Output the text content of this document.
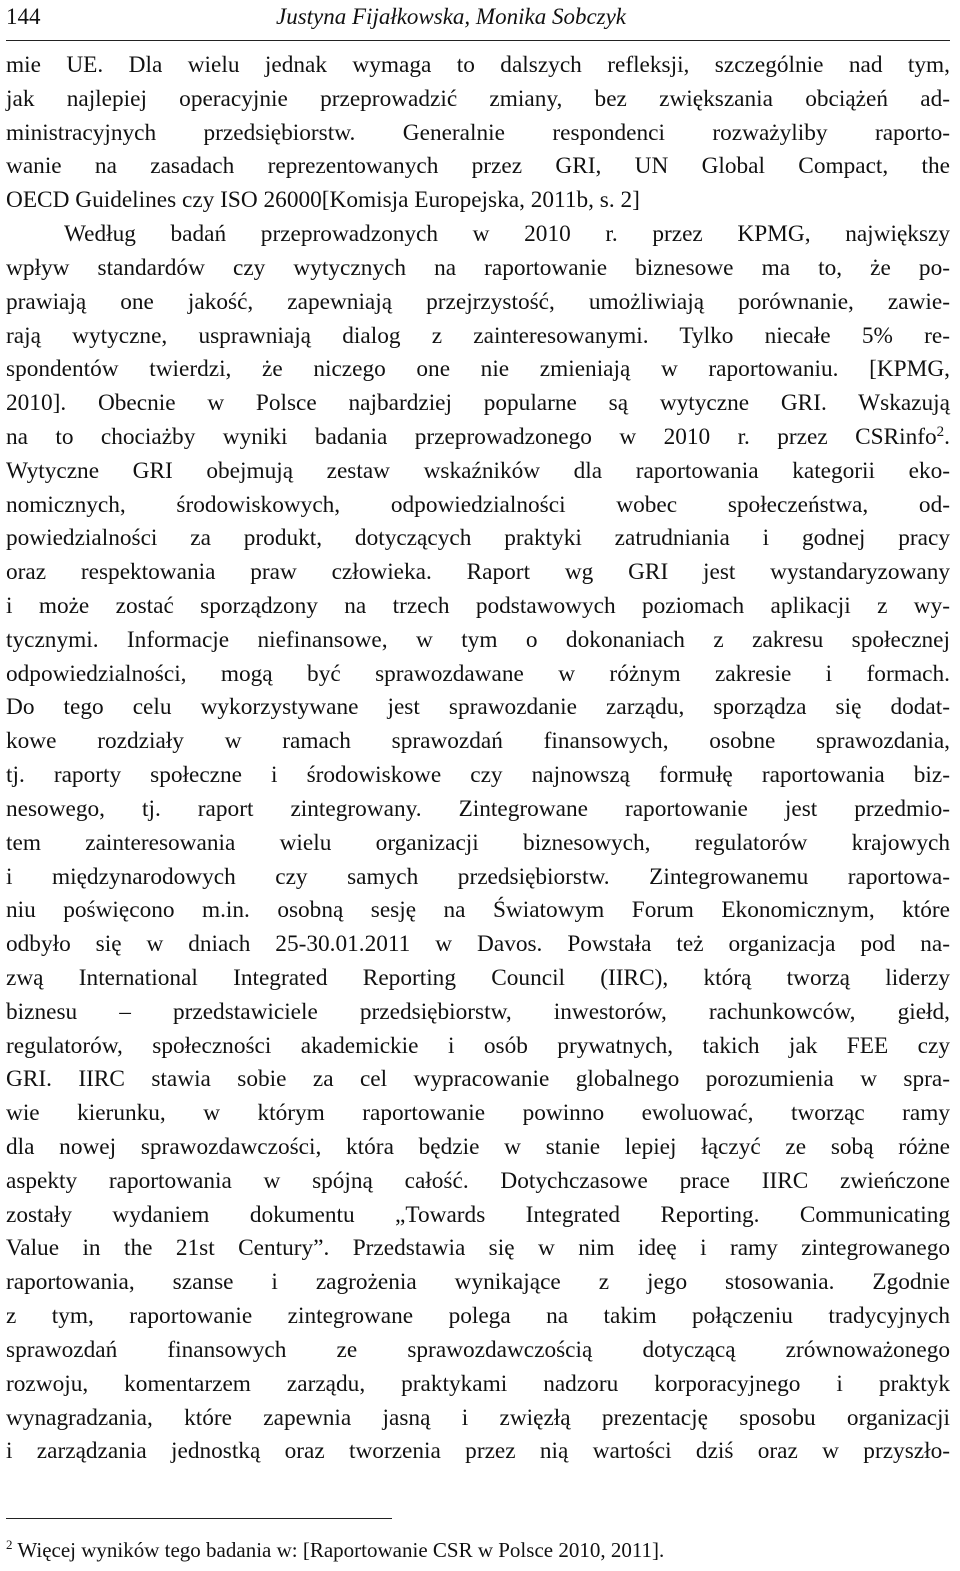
144	Justyna Fijałkowska, Monika Sobczyk
mie UE. Dla wielu jednak wymaga to dalszych refleksji, szczególnie nad tym,
jak najlepiej operacyjnie przeprowadzić zmiany, bez zwiększania obciążeń ad-
ministracyjnych przedsiębiorstw. Generalnie respondenci rozważyliby raporto-
wanie na zasadach reprezentowanych przez GRI, UN Global Compact, the
OECD Guidelines czy ISO 26000[Komisja Europejska, 2011b, s. 2]
Według badań przeprowadzonych w 2010 r. przez KPMG, największy
wpływ standardów czy wytycznych na raportowanie biznesowe ma to, że po-
prawiają one jakość, zapewniają przejrzystość, umożliwiają porównanie, zawie-
rają wytyczne, usprawniają dialog z zainteresowanymi. Tylko niecałe 5% re-
spondentów twierdzi, że niczego one nie zmieniają w raportowaniu. [KPMG,
2010]. Obecnie w Polsce najbardziej popularne są wytyczne GRI. Wskazują
na to chociażby wyniki badania przeprowadzonego w 2010 r. przez CSRinfo$^2$.
Wytyczne GRI obejmują zestaw wskaźników dla raportowania kategorii eko-
nomicznych, środowiskowych, odpowiedzialności wobec społeczeństwa, od-
powiedzialności za produkt, dotyczących praktyki zatrudniania i godnej pracy
oraz respektowania praw człowieka. Raport wg GRI jest wystandaryzowany
i może zostać sporządzony na trzech podstawowych poziomach aplikacji z wy-
tycznymi. Informacje niefinansowe, w tym o dokonaniach z zakresu społecznej
odpowiedzialności, mogą być sprawozdawane w różnym zakresie i formach.
Do tego celu wykorzystywane jest sprawozdanie zarządu, sporządza się dodat-
kowe rozdziały w ramach sprawozdań finansowych, osobne sprawozdania,
tj. raporty społeczne i środowiskowe czy najnowszą formułę raportowania biz-
nesowego, tj. raport zintegrowany. Zintegrowane raportowanie jest przedmio-
tem zainteresowania wielu organizacji biznesowych, regulatorów krajowych
i międzynarodowych czy samych przedsiębiorstw. Zintegrowanemu raportowa-
niu poświęcono m.in. osobną sesję na Światowym Forum Ekonomicznym, które
odbyło się w dniach 25-30.01.2011 w Davos. Powstała też organizacja pod na-
zwą International Integrated Reporting Council (IIRC), którą tworzą liderzy
biznesu – przedstawiciele przedsiębiorstw, inwestorów, rachunkowców, giełd,
regulatorów, społeczności akademickie i osób prywatnych, takich jak FEE czy
GRI. IIRC stawia sobie za cel wypracowanie globalnego porozumienia w spra-
wie kierunku, w którym raportowanie powinno ewoluować, tworząc ramy
dla nowej sprawozdawczości, która będzie w stanie lepiej łączyć ze sobą różne
aspekty raportowania w spójną całość. Dotychczasowe prace IIRC zwieńczone
zostały wydaniem dokumentu „Towards Integrated Reporting. Communicating
Value in the 21st Century”. Przedstawia się w nim ideę i ramy zintegrowanego
raportowania, szanse i zagrożenia wynikające z jego stosowania. Zgodnie
z tym, raportowanie zintegrowane polega na takim połączeniu tradycyjnych
sprawozdań finansowych ze sprawozdawczością dotyczącą zrównoważonego
rozwoju, komentarzem zarządu, praktykami nadzoru korporacyjnego i praktyk
wynagradzania, które zapewnia jasną i zwięzłą prezentację sposobu organizacji
i zarządzania jednostką oraz tworzenia przez nią wartości dziś oraz w przyszło-
$^2$ Więcej wyników tego badania w: [Raportowanie CSR w Polsce 2010, 2011].
